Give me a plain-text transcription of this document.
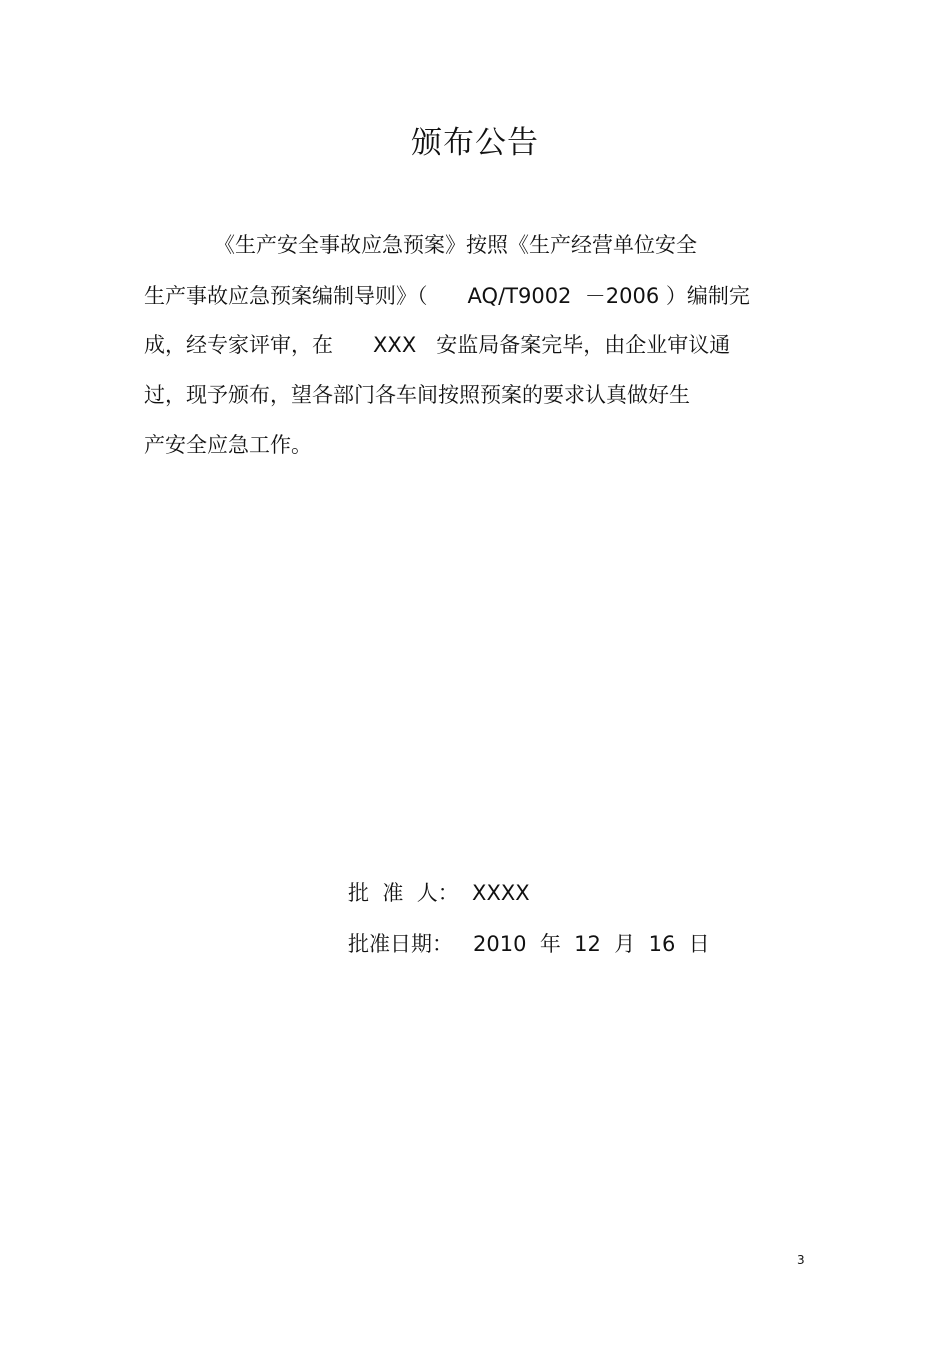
颁布公告
《生产安全事故应急预案》按照《生产经营单位安全
生产事故应急预案编制导则》（      AQ/T9002  －2006 ）编制完
成，经专家评审，在      XXX   安监局备案完毕，由企业审议通
过，现予颁布，望各部门各车间按照预案的要求认真做好生
产安全应急工作。
批  准  人：  XXXX
批准日期：   2010  年  12  月  16  日
3
